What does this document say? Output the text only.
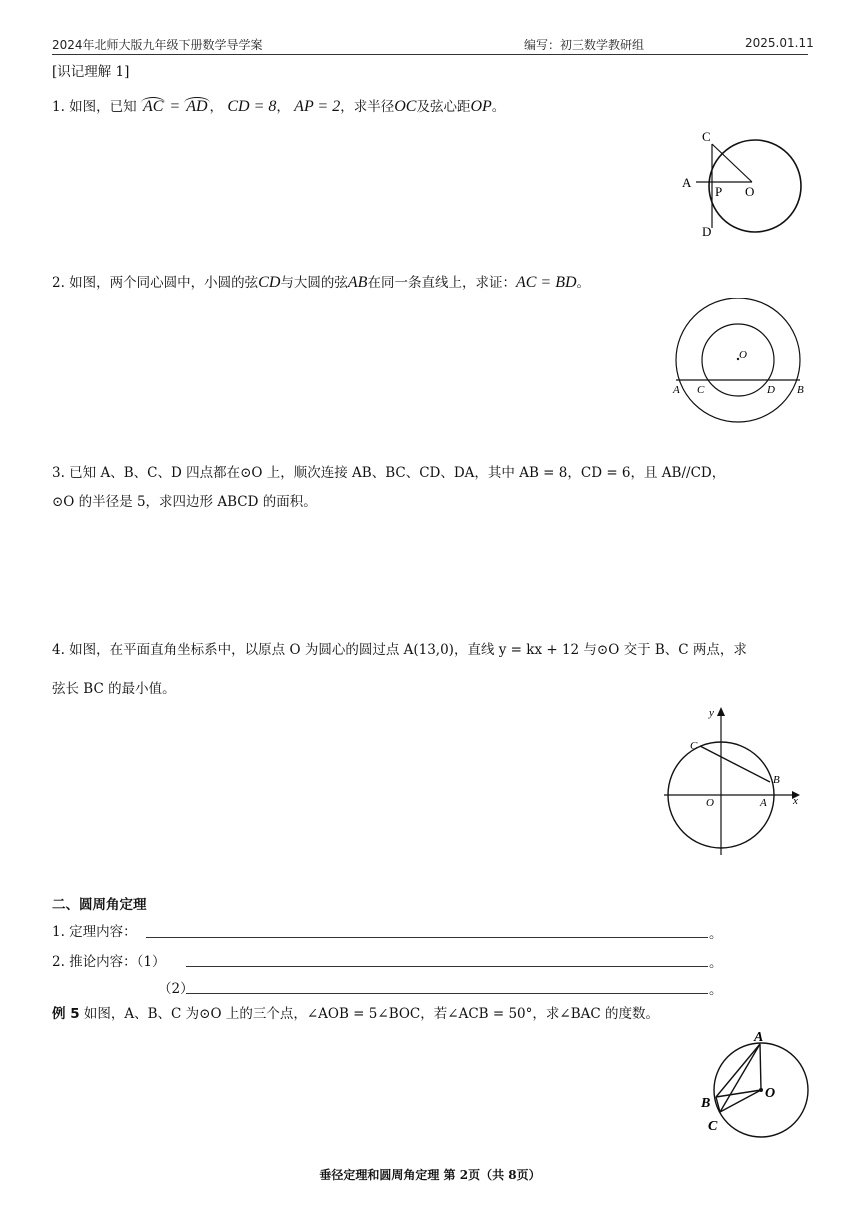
2024年北师大版九年级下册数学导学案	编写：初三数学教研组	2025.01.11
[识记理解 1]
1. 如图，已知 AC = AD ， CD = 8， AP = 2，求半径OC及弦心距OP。
C
A
P O
D
2. 如图，两个同心圆中，小圆的弦CD与大圆的弦AB在同一条直线上，求证：AC = BD。
O
A C	D B
3. 已知 A、B、C、D 四点都在⊙O 上，顺次连接 AB、BC、CD、DA，其中 AB = 8，CD = 6，且 AB//CD，
⊙O 的半径是 5，求四边形 ABCD 的面积。
4. 如图，在平面直角坐标系中，以原点 O 为圆心的圆过点 A(13,0)，直线 y = kx + 12 与⊙O 交于 B、C 两点，求
弦长 BC 的最小值。
y
x
C
B
O	A
二、圆周角定理
1. 定理内容：	。
2. 推论内容：（1）	。
（2）	。
例 5 如图，A、B、C 为⊙O 上的三个点，∠AOB = 5∠BOC，若∠ACB = 50°，求∠BAC 的度数。
A
O
B
C
垂径定理和圆周角定理 第 2页（共 8页）
